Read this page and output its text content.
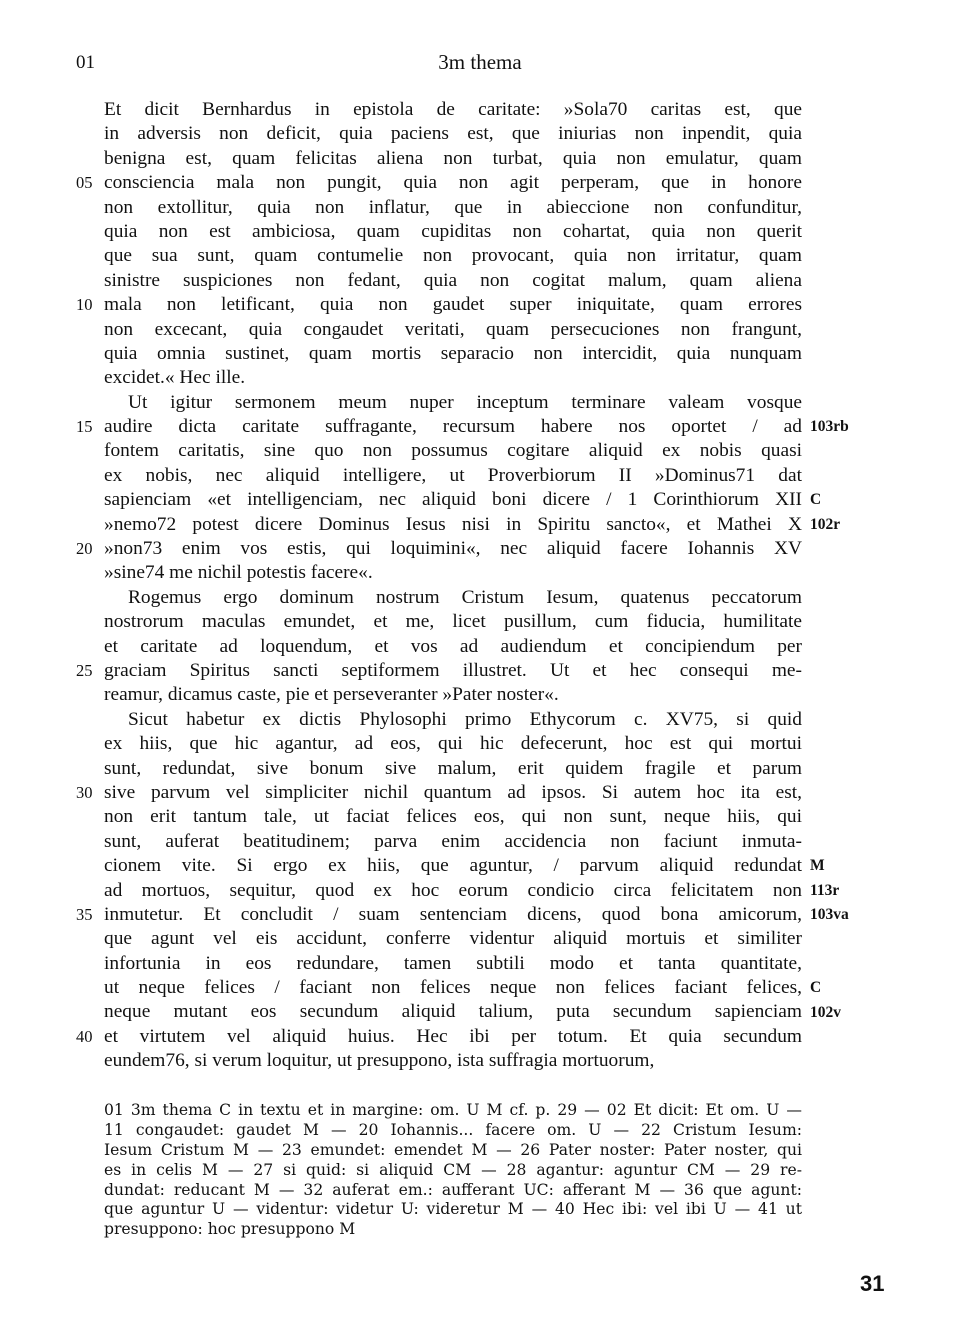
01	3m thema
Et dicit Bernhardus in epistola de caritate: »Sola70 caritas est, que
in adversis non deficit, quia paciens est, que iniurias non inpendit, quia
benigna est, quam felicitas aliena non turbat, quia non emulatur, quam
consciencia mala non pungit, quia non agit perperam, que in honore
05
non extollitur, quia non inflatur, que in abieccione non confunditur,
quia non est ambiciosa, quam cupiditas non cohartat, quia non querit
que sua sunt, quam contumelie non provocant, quia non irritatur, quam
sinistre suspiciones non fedant, quia non cogitat malum, quam aliena
mala non letificant, quia non gaudet super iniquitate, quam errores
10
non excecant, quia congaudet veritati, quam persecuciones non frangunt,
quia omnia sustinet, quam mortis separacio non intercidit, quia nunquam
excidet.« Hec ille.
Ut igitur sermonem meum nuper inceptum terminare valeam vosque
audire dicta caritate suffragante, recursum habere nos oportet / ad
15	103rb
fontem caritatis, sine quo non possumus cogitare aliquid ex nobis quasi
ex nobis, nec aliquid intelligere, ut Proverbiorum II »Dominus71 dat
sapienciam «et intelligenciam, nec aliquid boni dicere / 1 Corinthiorum XII C 102r
»nemo72 potest dicere Dominus Iesus nisi in Spiritu sancto«, et Mathei X
»non73 enim vos estis, qui loquimini«, nec aliquid facere Iohannis XV
20
»sine74 me nichil potestis facere«.
Rogemus ergo dominum nostrum Cristum Iesum, quatenus peccatorum
nostrorum maculas emundet, et me, licet pusillum, cum fiducia, humilitate
et caritate ad loquendum, et vos ad audiendum et concipiendum per
graciam Spiritus sancti septiformem illustret. Ut et hec consequi me-
25
reamur, dicamus caste, pie et perseveranter »Pater noster«.
Sicut habetur ex dictis Phylosophi primo Ethycorum c. XV75, si quid
ex hiis, que hic agantur, ad eos, qui hic defecerunt, hoc est qui mortui
sunt, redundat, sive bonum sive malum, erit quidem fragile et parum
sive parvum vel simpliciter nichil quantum ad ipsos. Si autem hoc ita est,
30
non erit tantum tale, ut faciat felices eos, qui non sunt, neque hiis, qui
sunt, auferat beatitudinem; parva enim accidencia non faciunt inmuta-
cionem vite. Si ergo ex hiis, que aguntur, / parvum aliquid redundat M 113r
ad mortuos, sequitur, quod ex hoc eorum condicio circa felicitatem non
inmutetur. Et concludit / suam sentenciam dicens, quod bona amicorum,
35	103va
que agunt vel eis accidunt, conferre videntur aliquid mortuis et similiter
infortunia in eos redundare, tamen subtili modo et tanta quantitate,
ut neque felices / faciant non felices neque non felices faciant felices, C 102v
neque mutant eos secundum aliquid talium, puta secundum sapienciam
et virtutem vel aliquid huius. Hec ibi per totum. Et quia secundum
40
eundem76, si verum loquitur, ut presuppono, ista suffragia mortuorum,
01 3m thema C in textu et in margine: om. U M cf. p. 29 — 02 Et dicit: Et om. U —
11 congaudet: gaudet M — 20 Iohannis... facere om. U — 22 Cristum Iesum:
Iesum Cristum M — 23 emundet: emendet M — 26 Pater noster: Pater noster, qui
es in celis M — 27 si quid: si aliquid CM — 28 agantur: aguntur CM — 29 re-
dundat: reducant M — 32 auferat em.: aufferant UC: afferant M — 36 que agunt:
que aguntur U — videntur: videtur U: videretur M — 40 Hec ibi: vel ibi U — 41 ut
presuppono: hoc presuppono M
31
